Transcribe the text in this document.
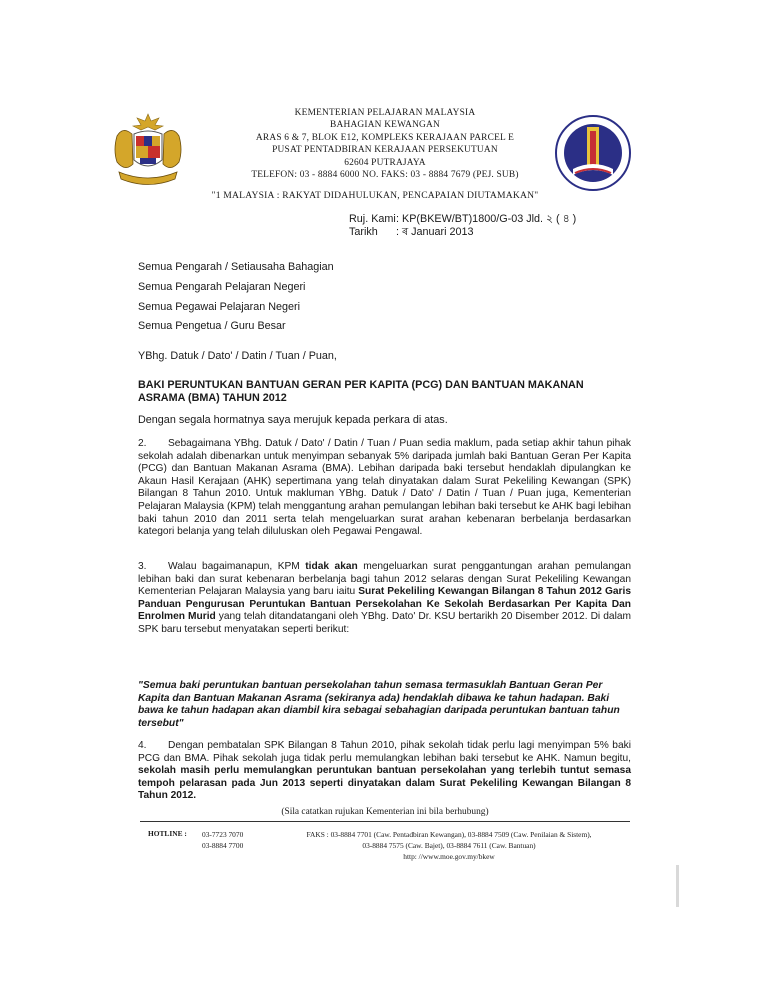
KEMENTERIAN PELAJARAN MALAYSIA
BAHAGIAN KEWANGAN
ARAS 6 & 7, BLOK E12, KOMPLEKS KERAJAAN PARCEL E
PUSAT PENTADBIRAN KERAJAAN PERSEKUTUAN
62604 PUTRAJAYA
TELEFON: 03 - 8884 6000 NO. FAKS: 03 - 8884 7679 (PEJ. SUB)
"1 MALAYSIA : RAKYAT DIDAHULUKAN, PENCAPAIAN DIUTAMAKAN"
Ruj. Kami: KP(BKEW/BT)1800/G-03 Jld. ২ ( ৪ )
Tarikh : ৰ Januari 2013
Semua Pengarah / Setiausaha Bahagian
Semua Pengarah Pelajaran Negeri
Semua Pegawai Pelajaran Negeri
Semua Pengetua / Guru Besar
YBhg. Datuk / Dato' / Datin / Tuan / Puan,
BAKI PERUNTUKAN BANTUAN GERAN PER KAPITA (PCG) DAN BANTUAN MAKANAN ASRAMA (BMA) TAHUN 2012
Dengan segala hormatnya saya merujuk kepada perkara di atas.
2. Sebagaimana YBhg. Datuk / Dato' / Datin / Tuan / Puan sedia maklum, pada setiap akhir tahun pihak sekolah adalah dibenarkan untuk menyimpan sebanyak 5% daripada jumlah baki Bantuan Geran Per Kapita (PCG) dan Bantuan Makanan Asrama (BMA). Lebihan daripada baki tersebut hendaklah dipulangkan ke Akaun Hasil Kerajaan (AHK) sepertimana yang telah dinyatakan dalam Surat Pekeliling Kewangan (SPK) Bilangan 8 Tahun 2010. Untuk makluman YBhg. Datuk / Dato' / Datin / Tuan / Puan juga, Kementerian Pelajaran Malaysia (KPM) telah menggantung arahan pemulangan lebihan baki tersebut ke AHK bagi lebihan baki tahun 2010 dan 2011 serta telah mengeluarkan surat arahan kebenaran berbelanja berdasarkan kategori belanja yang telah diluluskan oleh Pegawai Pengawal.
3. Walau bagaimanapun, KPM tidak akan mengeluarkan surat penggantungan arahan pemulangan lebihan baki dan surat kebenaran berbelanja bagi tahun 2012 selaras dengan Surat Pekeliling Kewangan Kementerian Pelajaran Malaysia yang baru iaitu Surat Pekeliling Kewangan Bilangan 8 Tahun 2012 Garis Panduan Pengurusan Peruntukan Bantuan Persekolahan Ke Sekolah Berdasarkan Per Kapita Dan Enrolmen Murid yang telah ditandatangani oleh YBhg. Dato' Dr. KSU bertarikh 20 Disember 2012. Di dalam SPK baru tersebut menyatakan seperti berikut:
"Semua baki peruntukan bantuan persekolahan tahun semasa termasuklah Bantuan Geran Per Kapita dan Bantuan Makanan Asrama (sekiranya ada) hendaklah dibawa ke tahun hadapan. Baki bawa ke tahun hadapan akan diambil kira sebagai sebahagian daripada peruntukan bantuan tahun tersebut"
4. Dengan pembatalan SPK Bilangan 8 Tahun 2010, pihak sekolah tidak perlu lagi menyimpan 5% baki PCG dan BMA. Pihak sekolah juga tidak perlu memulangkan lebihan baki tersebut ke AHK. Namun begitu, sekolah masih perlu memulangkan peruntukan bantuan persekolahan yang terlebih tuntut semasa tempoh pelarasan pada Jun 2013 seperti dinyatakan dalam Surat Pekeliling Kewangan Bilangan 8 Tahun 2012.
(Sila catatkan rujukan Kementerian ini bila berhubung)
HOTLINE : 03-7723 7070
03-8884 7700
FAKS : 03-8884 7701 (Caw. Pentadbiran Kewangan), 03-8884 7509 (Caw. Penilaian & Sistem),
03-8884 7575 (Caw. Bajet), 03-8884 7611 (Caw. Bantuan)
http: //www.moe.gov.my/bkew
